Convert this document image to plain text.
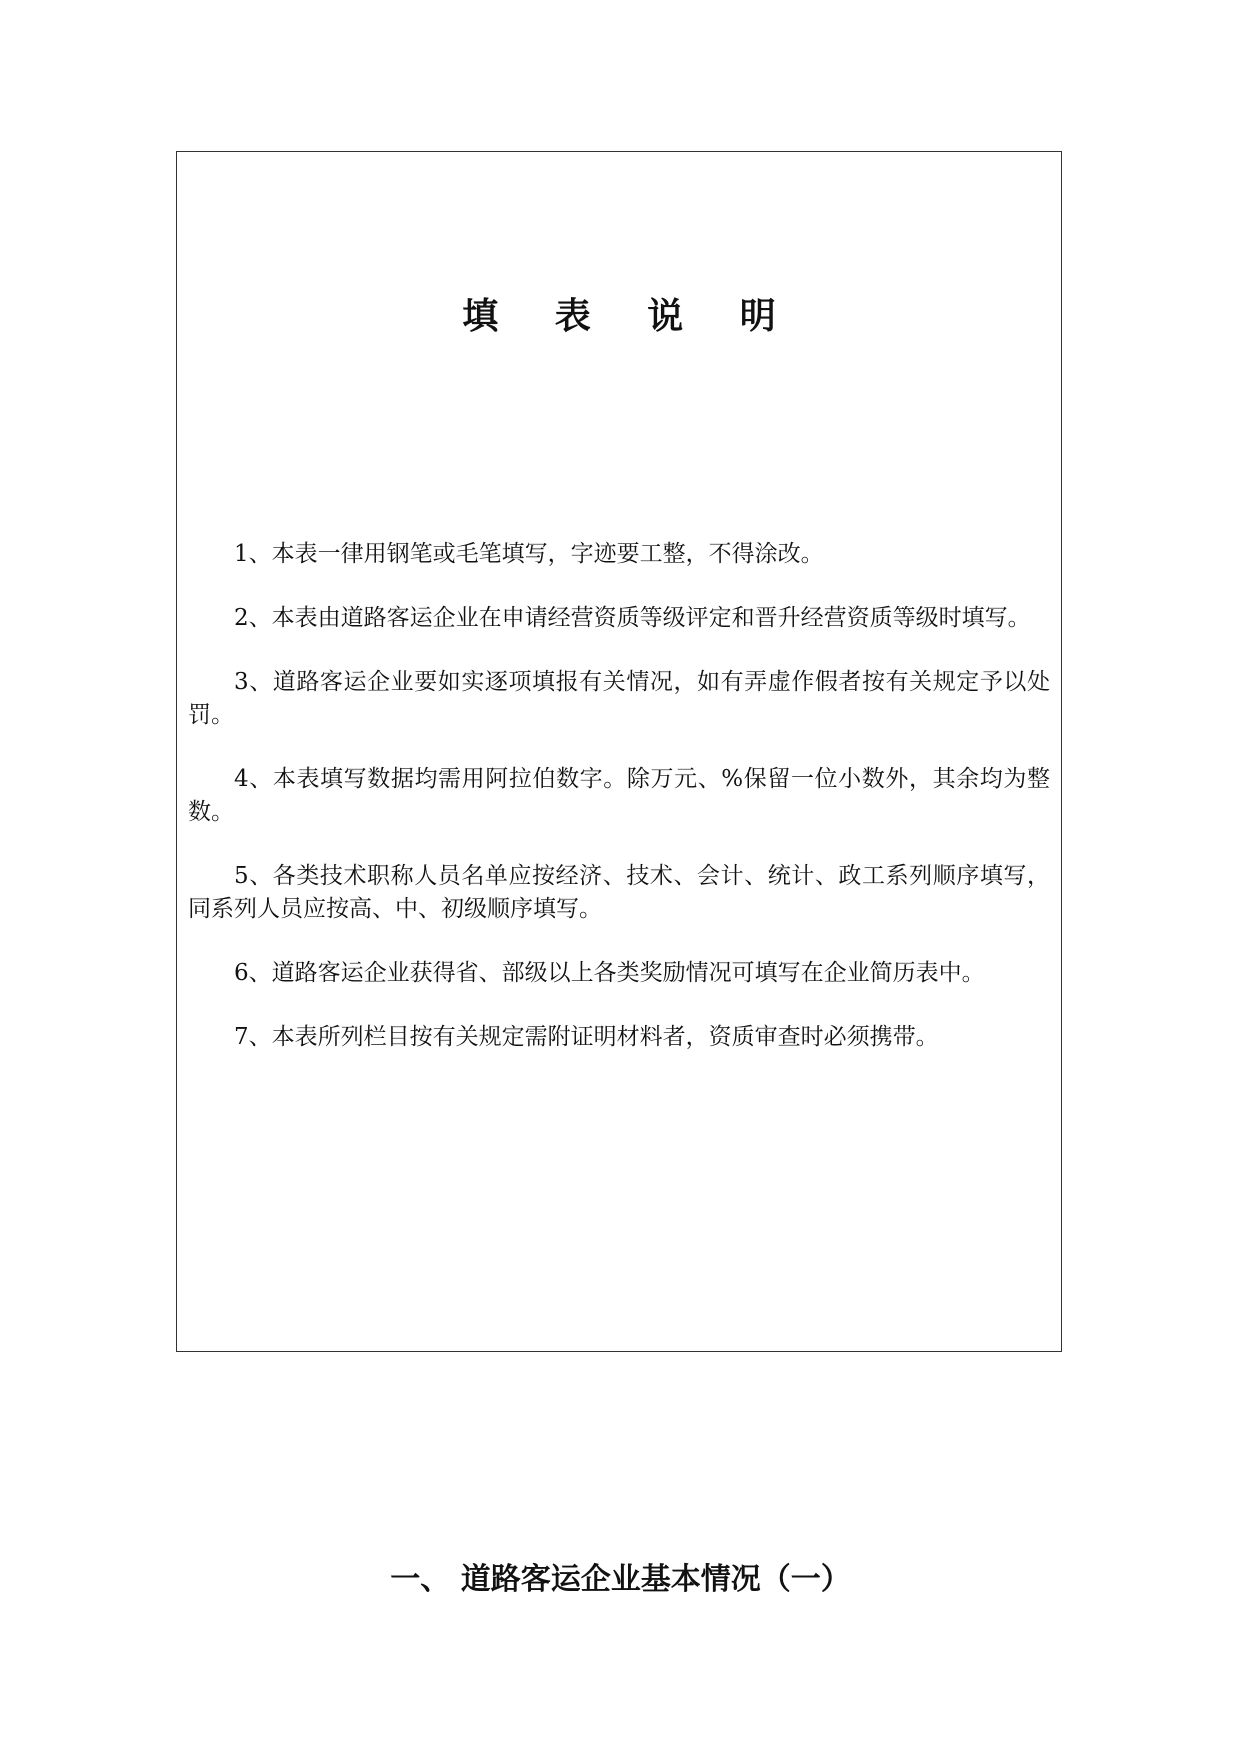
填 表 说 明

1、本表一律用钢笔或毛笔填写，字迹要工整，不得涂改。

2、本表由道路客运企业在申请经营资质等级评定和晋升经营资质等级时填写。

3、道路客运企业要如实逐项填报有关情况，如有弄虚作假者按有关规定予以处罚。

4、本表填写数据均需用阿拉伯数字。除万元、%保留一位小数外，其余均为整数。

5、各类技术职称人员名单应按经济、技术、会计、统计、政工系列顺序填写，同系列人员应按高、中、初级顺序填写。

6、道路客运企业获得省、部级以上各类奖励情况可填写在企业简历表中。

7、本表所列栏目按有关规定需附证明材料者，资质审查时必须携带。

一、 道路客运企业基本情况（一）
